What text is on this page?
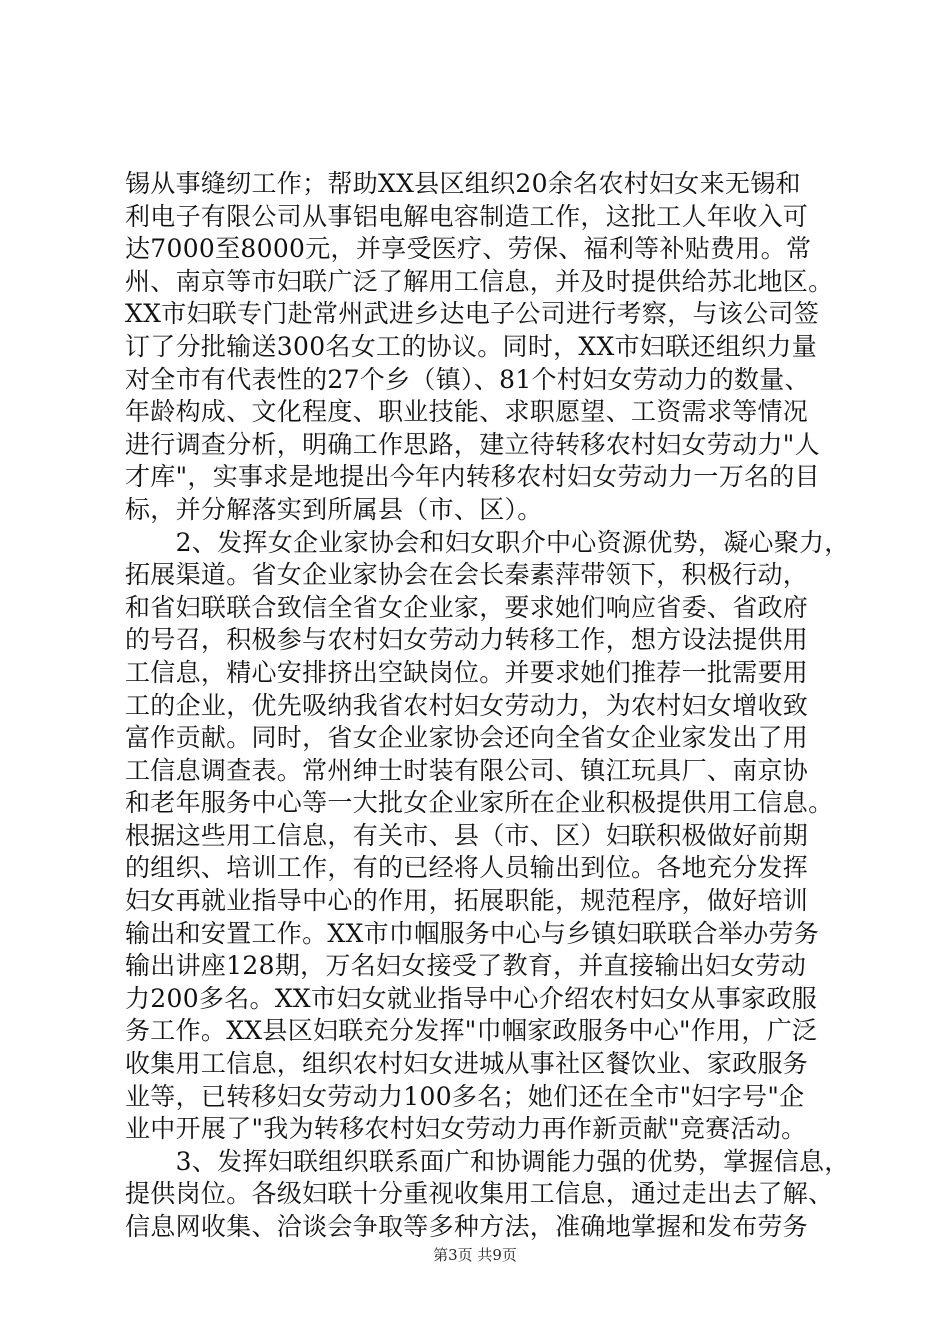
锡从事缝纫工作；帮助XX县区组织20余名农村妇女来无锡和
利电子有限公司从事铝电解电容制造工作，这批工人年收入可
达7000至8000元，并享受医疗、劳保、福利等补贴费用。常
州、南京等市妇联广泛了解用工信息，并及时提供给苏北地区。
XX市妇联专门赴常州武进乡达电子公司进行考察，与该公司签
订了分批输送300名女工的协议。同时，XX市妇联还组织力量
对全市有代表性的27个乡（镇）、81个村妇女劳动力的数量、
年龄构成、文化程度、职业技能、求职愿望、工资需求等情况
进行调查分析，明确工作思路，建立待转移农村妇女劳动力"人
才库"，实事求是地提出今年内转移农村妇女劳动力一万名的目
标，并分解落实到所属县（市、区）。
　　2、发挥女企业家协会和妇女职介中心资源优势，凝心聚力，
拓展渠道。省女企业家协会在会长秦素萍带领下，积极行动，
和省妇联联合致信全省女企业家，要求她们响应省委、省政府
的号召，积极参与农村妇女劳动力转移工作，想方设法提供用
工信息，精心安排挤出空缺岗位。并要求她们推荐一批需要用
工的企业，优先吸纳我省农村妇女劳动力，为农村妇女增收致
富作贡献。同时，省女企业家协会还向全省女企业家发出了用
工信息调查表。常州绅士时装有限公司、镇江玩具厂、南京协
和老年服务中心等一大批女企业家所在企业积极提供用工信息。
根据这些用工信息，有关市、县（市、区）妇联积极做好前期
的组织、培训工作，有的已经将人员输出到位。各地充分发挥
妇女再就业指导中心的作用，拓展职能，规范程序，做好培训
输出和安置工作。XX市巾帼服务中心与乡镇妇联联合举办劳务
输出讲座128期，万名妇女接受了教育，并直接输出妇女劳动
力200多名。XX市妇女就业指导中心介绍农村妇女从事家政服
务工作。XX县区妇联充分发挥"巾帼家政服务中心"作用，广泛
收集用工信息，组织农村妇女进城从事社区餐饮业、家政服务
业等，已转移妇女劳动力100多名；她们还在全市"妇字号"企
业中开展了"我为转移农村妇女劳动力再作新贡献"竞赛活动。
　　3、发挥妇联组织联系面广和协调能力强的优势，掌握信息，
提供岗位。各级妇联十分重视收集用工信息，通过走出去了解、
信息网收集、洽谈会争取等多种方法，准确地掌握和发布劳务
第3页 共9页
